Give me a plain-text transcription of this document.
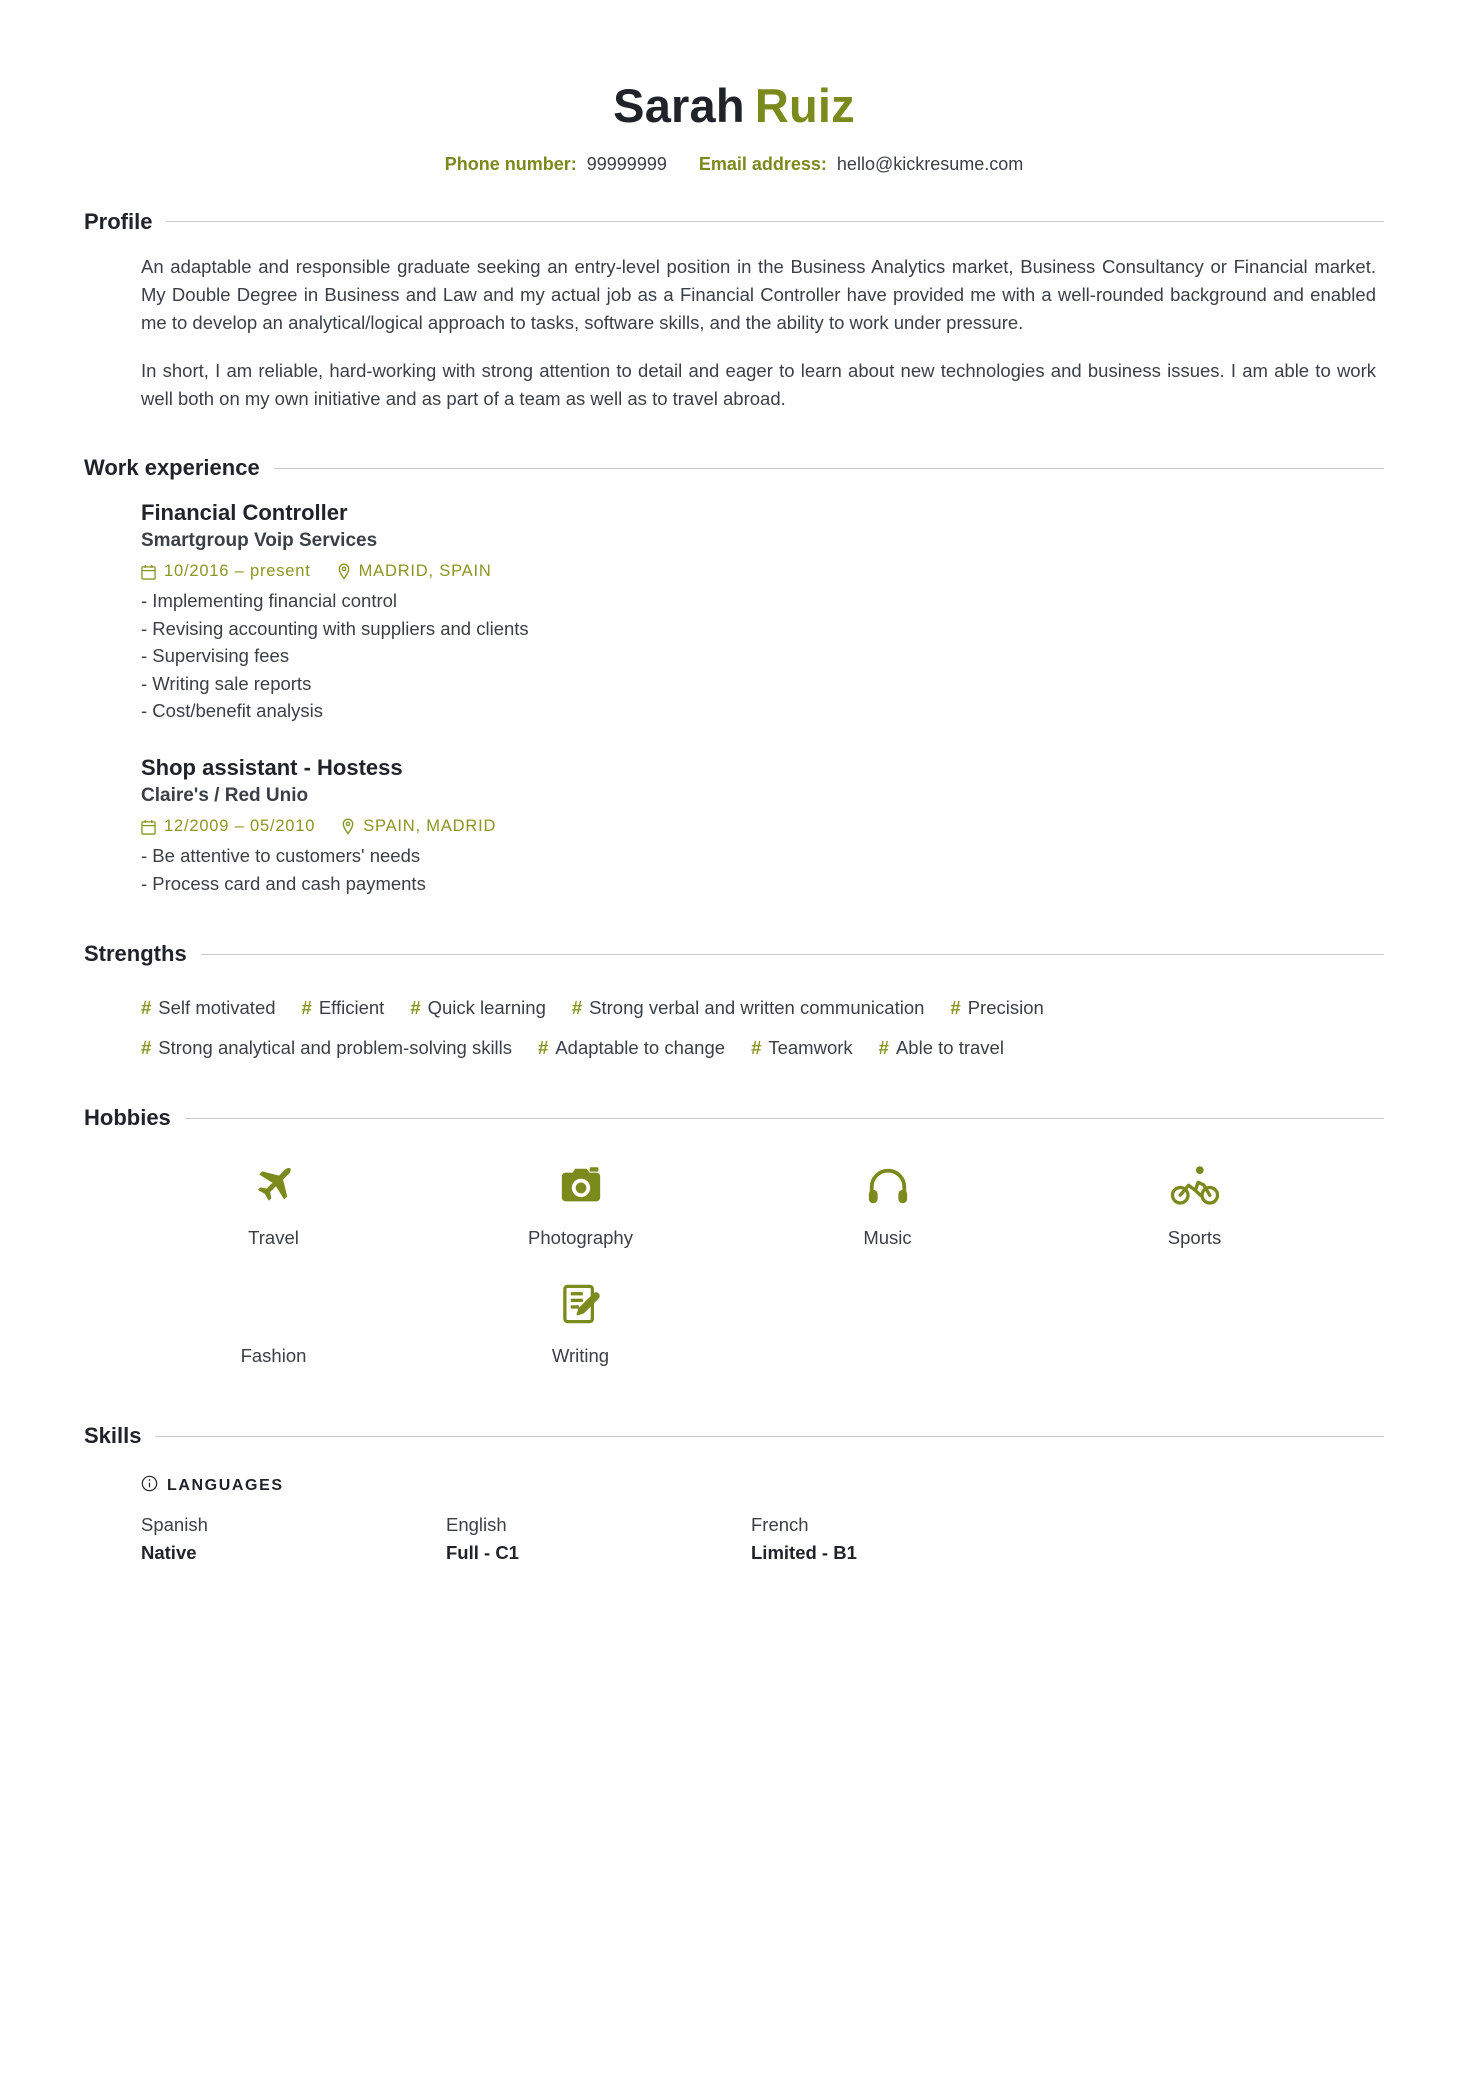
Sarah Ruiz
Phone number: 99999999 Email address: hello@kickresume.com
Profile

An adaptable and responsible graduate seeking an entry-level position in the Business Analytics market, Business Consultancy or Financial market. My Double Degree in Business and Law and my actual job as a Financial Controller have provided me with a well-rounded background and enabled me to develop an analytical/logical approach to tasks, software skills, and the ability to work under pressure.

In short, I am reliable, hard-working with strong attention to detail and eager to learn about new technologies and business issues. I am able to work well both on my own initiative and as part of a team as well as to travel abroad.

Work experience
Financial Controller
Smartgroup Voip Services
10/2016 – present	MADRID, SPAIN
- Implementing financial control
- Revising accounting with suppliers and clients
- Supervising fees
- Writing sale reports
- Cost/benefit analysis
Shop assistant - Hostess
Claire's / Red Unio
12/2009 – 05/2010	SPAIN, MADRID
- Be attentive to customers' needs
- Process card and cash payments
Strengths
# Self motivated # Efficient # Quick learning # Strong verbal and written communication # Precision
# Strong analytical and problem-solving skills # Adaptable to change # Teamwork # Able to travel
Hobbies
Travel	Photography	Music	Sports
Fashion	Writing
Skills
LANGUAGES
Spanish
Native
English
Full - C1
French
Limited - B1
